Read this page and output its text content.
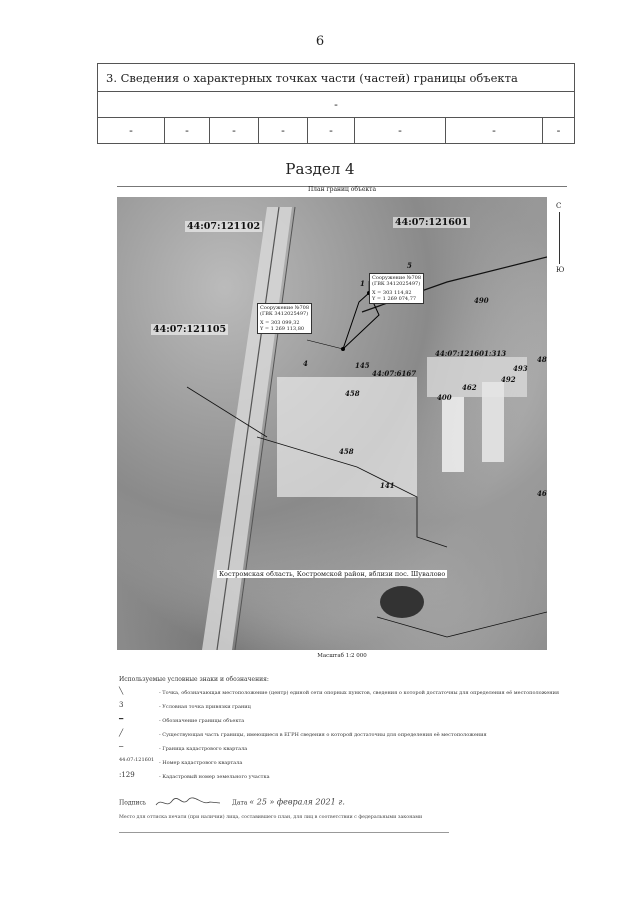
6
3. Сведения о характерных точках части (частей) границы объекта
-
-	-	-	-	-	-	-	-
Раздел 4
План границ объекта
44:07:121102	44:07:121601
44:07:121105
44:07:121601:313
44:07:6167
490
458
141
145	493
48
400
46
462
492
458
1
4
5
Сооружение №708
(ГВК 3412025497)
X = 303 114,82
Y = 1 269 074,77
Сооружение №708
(ГВК 3412025497)
X = 303 099,32
Y = 1 269 113,80
Костромская область, Костромской район, вблизи пос. Шувалово
С
Ю
Масштаб 1:2 000
Используемые условные знаки и обозначения:
╲	- Точка, обозначающая местоположение (центр) единой сети опорных пунктов, сведения о которой достаточны для определения её местоположения
3	- Условная точка привязки границ
━	- Обозначение границы объекта
╱	- Существующая часть границы, имеющиеся в ЕГРН сведения о которой достаточны для определения её местоположения
─	- Граница кадастрового квартала
44:07:121601 - Номер кадастрового квартала
:129	- Кадастровый номер земельного участка
Подпись	Дата « 25 » февраля 2021 г.
Место для оттиска печати (при наличии) лица, составившего план, для лиц в соответствии с федеральными законами
